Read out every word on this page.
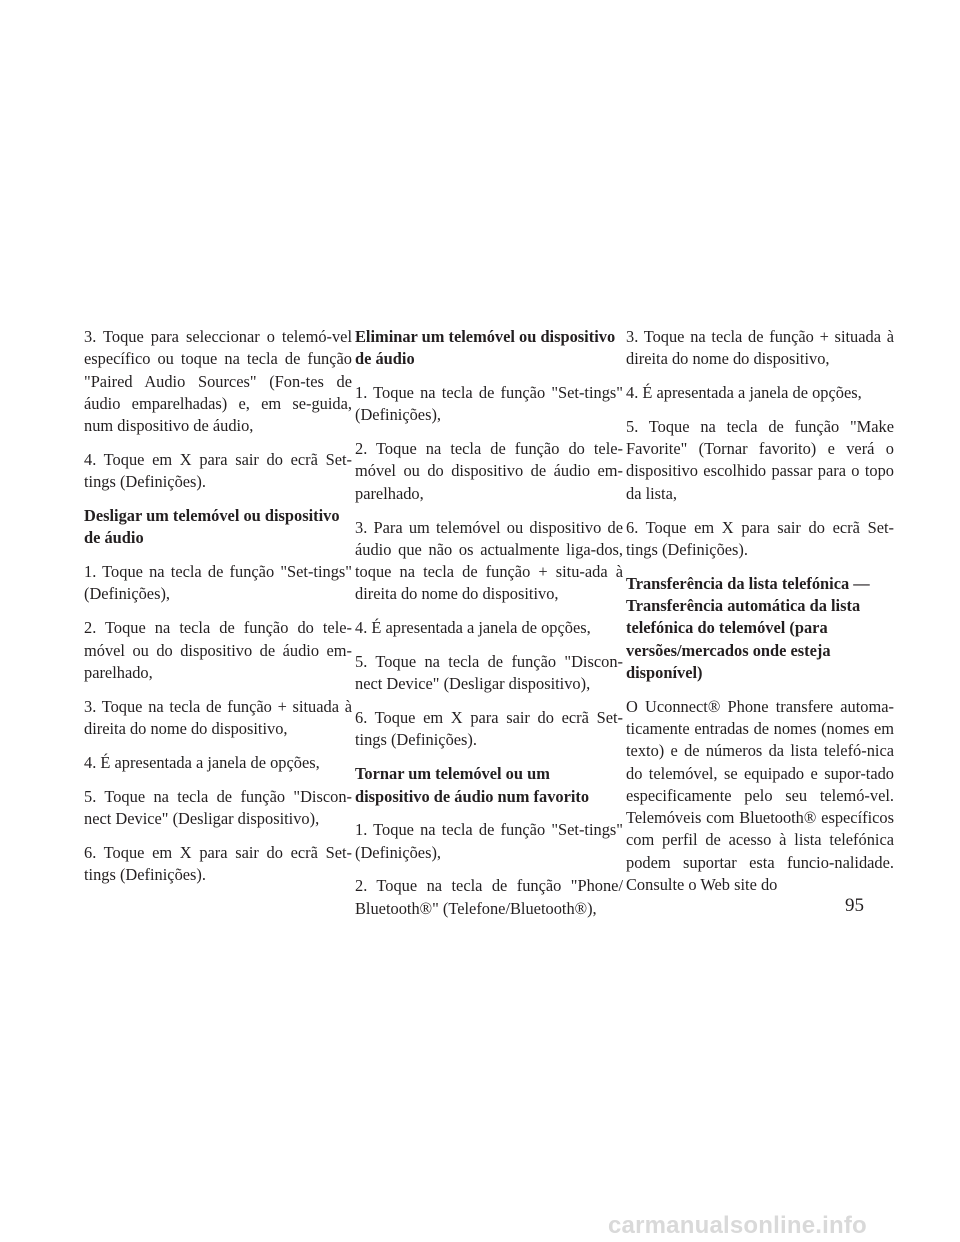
3. Toque para seleccionar o telemó-vel específico ou toque na tecla de função "Paired Audio Sources" (Fon-tes de áudio emparelhadas) e, em se-guida, num dispositivo de áudio,

4. Toque em X para sair do ecrã Set-tings (Definições).

Desligar um telemóvel ou dispositivo de áudio

1. Toque na tecla de função "Set-tings" (Definições),

2. Toque na tecla de função do tele-móvel ou do dispositivo de áudio em-parelhado,

3. Toque na tecla de função + situada à direita do nome do dispositivo,

4. É apresentada a janela de opções,

5. Toque na tecla de função "Discon-nect Device" (Desligar dispositivo),

6. Toque em X para sair do ecrã Set-tings (Definições).

Eliminar um telemóvel ou dispositivo de áudio

1. Toque na tecla de função "Set-tings" (Definições),

2. Toque na tecla de função do tele-móvel ou do dispositivo de áudio em-parelhado,

3. Para um telemóvel ou dispositivo de áudio que não os actualmente liga-dos, toque na tecla de função + situ-ada à direita do nome do dispositivo,

4. É apresentada a janela de opções,

5. Toque na tecla de função "Discon-nect Device" (Desligar dispositivo),

6. Toque em X para sair do ecrã Set-tings (Definições).

Tornar um telemóvel ou um dispositivo de áudio num favorito

1. Toque na tecla de função "Set-tings" (Definições),

2. Toque na tecla de função "Phone/ Bluetooth®" (Telefone/Bluetooth®),

3. Toque na tecla de função + situada à direita do nome do dispositivo,

4. É apresentada a janela de opções,

5. Toque na tecla de função "Make Favorite" (Tornar favorito) e verá o dispositivo escolhido passar para o topo da lista,

6. Toque em X para sair do ecrã Set-tings (Definições).

Transferência da lista telefónica — Transferência automática da lista telefónica do telemóvel (para versões/mercados onde esteja disponível)

O Uconnect® Phone transfere automa-ticamente entradas de nomes (nomes em texto) e de números da lista telefó-nica do telemóvel, se equipado e supor-tado especificamente pelo seu telemó-vel. Telemóveis com Bluetooth® específicos com perfil de acesso à lista telefónica podem suportar esta funcio-nalidade. Consulte o Web site do

95
carmanualsonline.info
